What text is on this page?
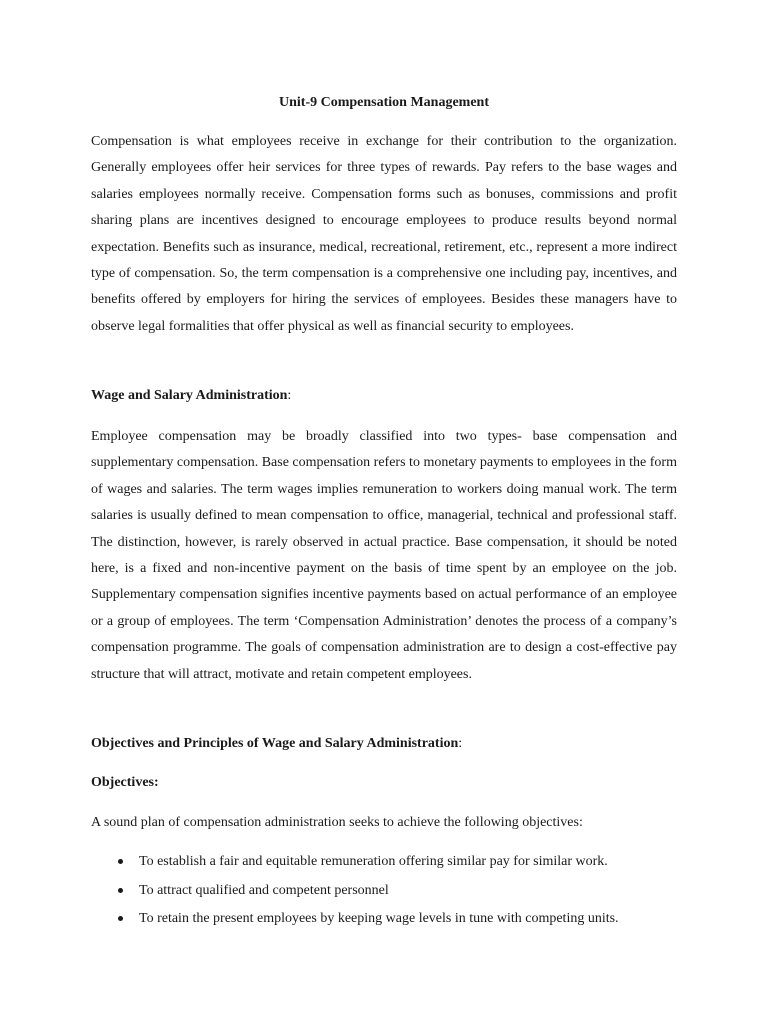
Unit-9 Compensation Management

Compensation is what employees receive in exchange for their contribution to the organization. Generally employees offer heir services for three types of rewards. Pay refers to the base wages and salaries employees normally receive. Compensation forms such as bonuses, commissions and profit sharing plans are incentives designed to encourage employees to produce results beyond normal expectation. Benefits such as insurance, medical, recreational, retirement, etc., represent a more indirect type of compensation. So, the term compensation is a comprehensive one including pay, incentives, and benefits offered by employers for hiring the services of employees. Besides these managers have to observe legal formalities that offer physical as well as financial security to employees.

Wage and Salary Administration:

Employee compensation may be broadly classified into two types- base compensation and supplementary compensation. Base compensation refers to monetary payments to employees in the form of wages and salaries. The term wages implies remuneration to workers doing manual work. The term salaries is usually defined to mean compensation to office, managerial, technical and professional staff. The distinction, however, is rarely observed in actual practice. Base compensation, it should be noted here, is a fixed and non-incentive payment on the basis of time spent by an employee on the job. Supplementary compensation signifies incentive payments based on actual performance of an employee or a group of employees. The term ‘Compensation Administration’ denotes the process of a company’s compensation programme. The goals of compensation administration are to design a cost-effective pay structure that will attract, motivate and retain competent employees.

Objectives and Principles of Wage and Salary Administration:

Objectives:

A sound plan of compensation administration seeks to achieve the following objectives:

To establish a fair and equitable remuneration offering similar pay for similar work.
To attract qualified and competent personnel
To retain the present employees by keeping wage levels in tune with competing units.
